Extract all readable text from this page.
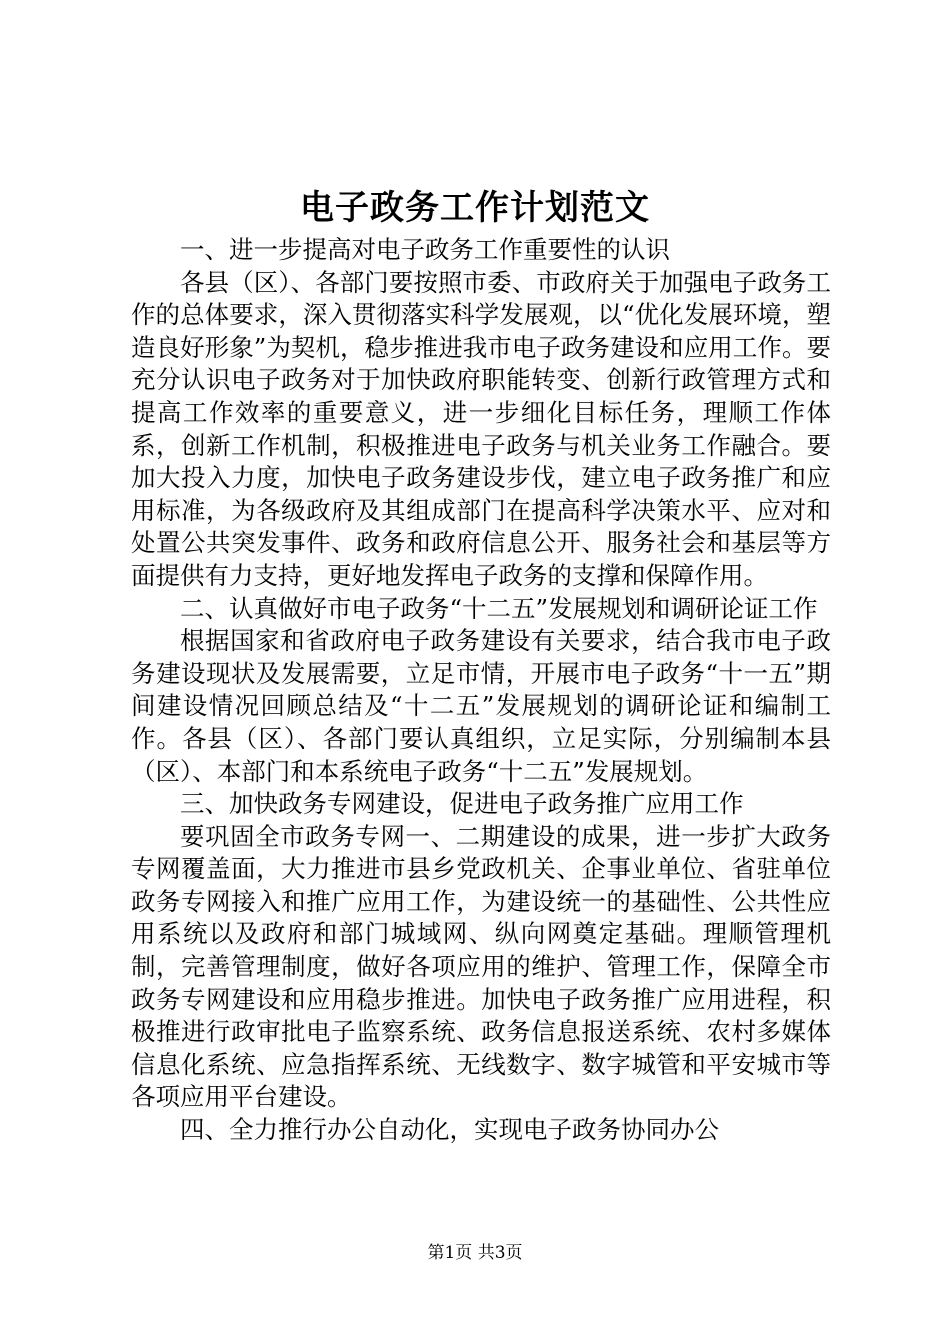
电子政务工作计划范文

一、进一步提高对电子政务工作重要性的认识

各县（区）、各部门要按照市委、市政府关于加强电子政务工作的总体要求，深入贯彻落实科学发展观，以“优化发展环境，塑造良好形象”为契机，稳步推进我市电子政务建设和应用工作。要充分认识电子政务对于加快政府职能转变、创新行政管理方式和提高工作效率的重要意义，进一步细化目标任务，理顺工作体系，创新工作机制，积极推进电子政务与机关业务工作融合。要加大投入力度，加快电子政务建设步伐，建立电子政务推广和应用标准，为各级政府及其组成部门在提高科学决策水平、应对和处置公共突发事件、政务和政府信息公开、服务社会和基层等方面提供有力支持，更好地发挥电子政务的支撑和保障作用。

二、认真做好市电子政务“十二五”发展规划和调研论证工作

根据国家和省政府电子政务建设有关要求，结合我市电子政务建设现状及发展需要，立足市情，开展市电子政务“十一五”期间建设情况回顾总结及“十二五”发展规划的调研论证和编制工作。各县（区）、各部门要认真组织，立足实际，分别编制本县（区）、本部门和本系统电子政务“十二五”发展规划。

三、加快政务专网建设，促进电子政务推广应用工作

要巩固全市政务专网一、二期建设的成果，进一步扩大政务专网覆盖面，大力推进市县乡党政机关、企事业单位、省驻单位政务专网接入和推广应用工作，为建设统一的基础性、公共性应用系统以及政府和部门城域网、纵向网奠定基础。理顺管理机制，完善管理制度，做好各项应用的维护、管理工作，保障全市政务专网建设和应用稳步推进。加快电子政务推广应用进程，积极推进行政审批电子监察系统、政务信息报送系统、农村多媒体信息化系统、应急指挥系统、无线数字、数字城管和平安城市等各项应用平台建设。

四、全力推行办公自动化，实现电子政务协同办公

第1页 共3页
